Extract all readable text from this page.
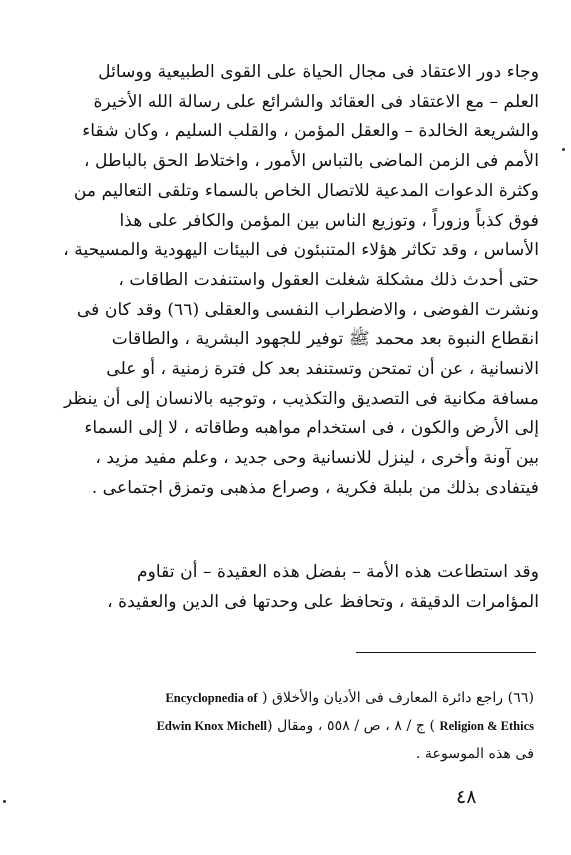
وجاء دور الاعتقاد فى مجال الحياة على القوى الطبيعية ووسائل
العلم – مع الاعتقاد فى العقائد والشرائع على رسالة الله الأخيرة
والشريعة الخالدة – والعقل المؤمن ، والقلب السليم ، وكان شقاء
الأمم فى الزمن الماضى بالتباس الأمور ، واختلاط الحق بالباطل ،
وكثرة الدعوات المدعية للاتصال الخاص بالسماء وتلقى التعاليم من
فوق كذباً وزوراً ، وتوزيع الناس بين المؤمن والكافر على هذا
الأساس ، وقد تكاثر هؤلاء المتنبئون فى البيئات اليهودية والمسيحية ،
حتى أحدث ذلك مشكلة شغلت العقول واستنفدت الطاقات ،
ونشرت الفوضى ، والاضطراب النفسى والعقلى (٦٦) وقد كان فى
انقطاع النبوة بعد محمد ﷺ توفير للجهود البشرية ، والطاقات
الانسانية ، عن أن تمتحن وتستنفد بعد كل فترة زمنية ، أو على
مسافة مكانية فى التصديق والتكذيب ، وتوجيه بالانسان إلى أن ينظر
إلى الأرض والكون ، فى استخدام مواهبه وطاقاته ، لا إلى السماء
بين آونة وأخرى ، لينزل للانسانية وحى جديد ، وعلم مفيد مزيد ،
فيتفادى بذلك من بلبلة فكرية ، وصراع مذهبى وتمزق اجتماعى .
وقد استطاعت هذه الأمة – بفضل هذه العقيدة – أن تقاوم
المؤامرات الدقيقة ، وتحافظ على وحدتها فى الدين والعقيدة ،
(٦٦) راجع دائرة المعارف فى الأديان والأخلاق ( Encyclopnedia of
Religion & Ethics ) ج / ٨ ، ص / ٥٥٨ ، ومقال (Edwin Knox Michell
فى هذه الموسوعة .
٤٨
